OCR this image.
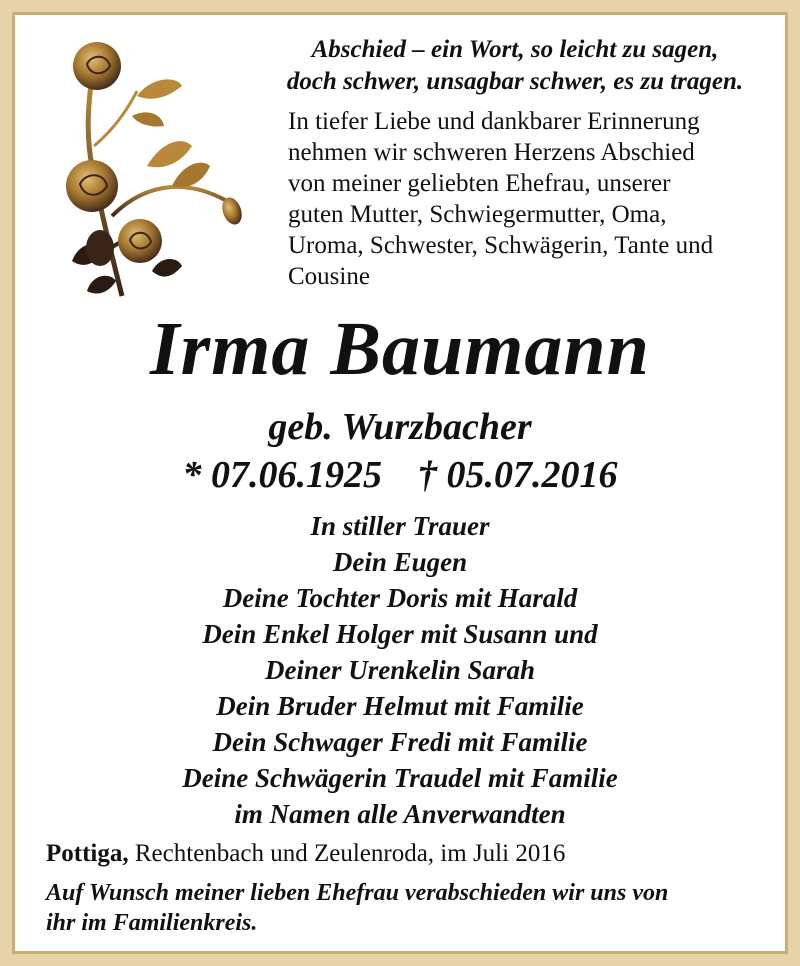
Abschied – ein Wort, so leicht zu sagen,
doch schwer, unsagbar schwer, es zu tragen.
In tiefer Liebe und dankbarer Erinnerung
nehmen wir schweren Herzens Abschied
von meiner geliebten Ehefrau, unserer
guten Mutter, Schwiegermutter, Oma,
Uroma, Schwester, Schwägerin, Tante und
Cousine
Irma Baumann
geb. Wurzbacher
* 07.06.1925 † 05.07.2016
In stiller Trauer
Dein Eugen
Deine Tochter Doris mit Harald
Dein Enkel Holger mit Susann und
Deiner Urenkelin Sarah
Dein Bruder Helmut mit Familie
Dein Schwager Fredi mit Familie
Deine Schwägerin Traudel mit Familie
im Namen alle Anverwandten
Pottiga, Rechtenbach und Zeulenroda, im Juli 2016
Auf Wunsch meiner lieben Ehefrau verabschieden wir uns von
ihr im Familienkreis.
